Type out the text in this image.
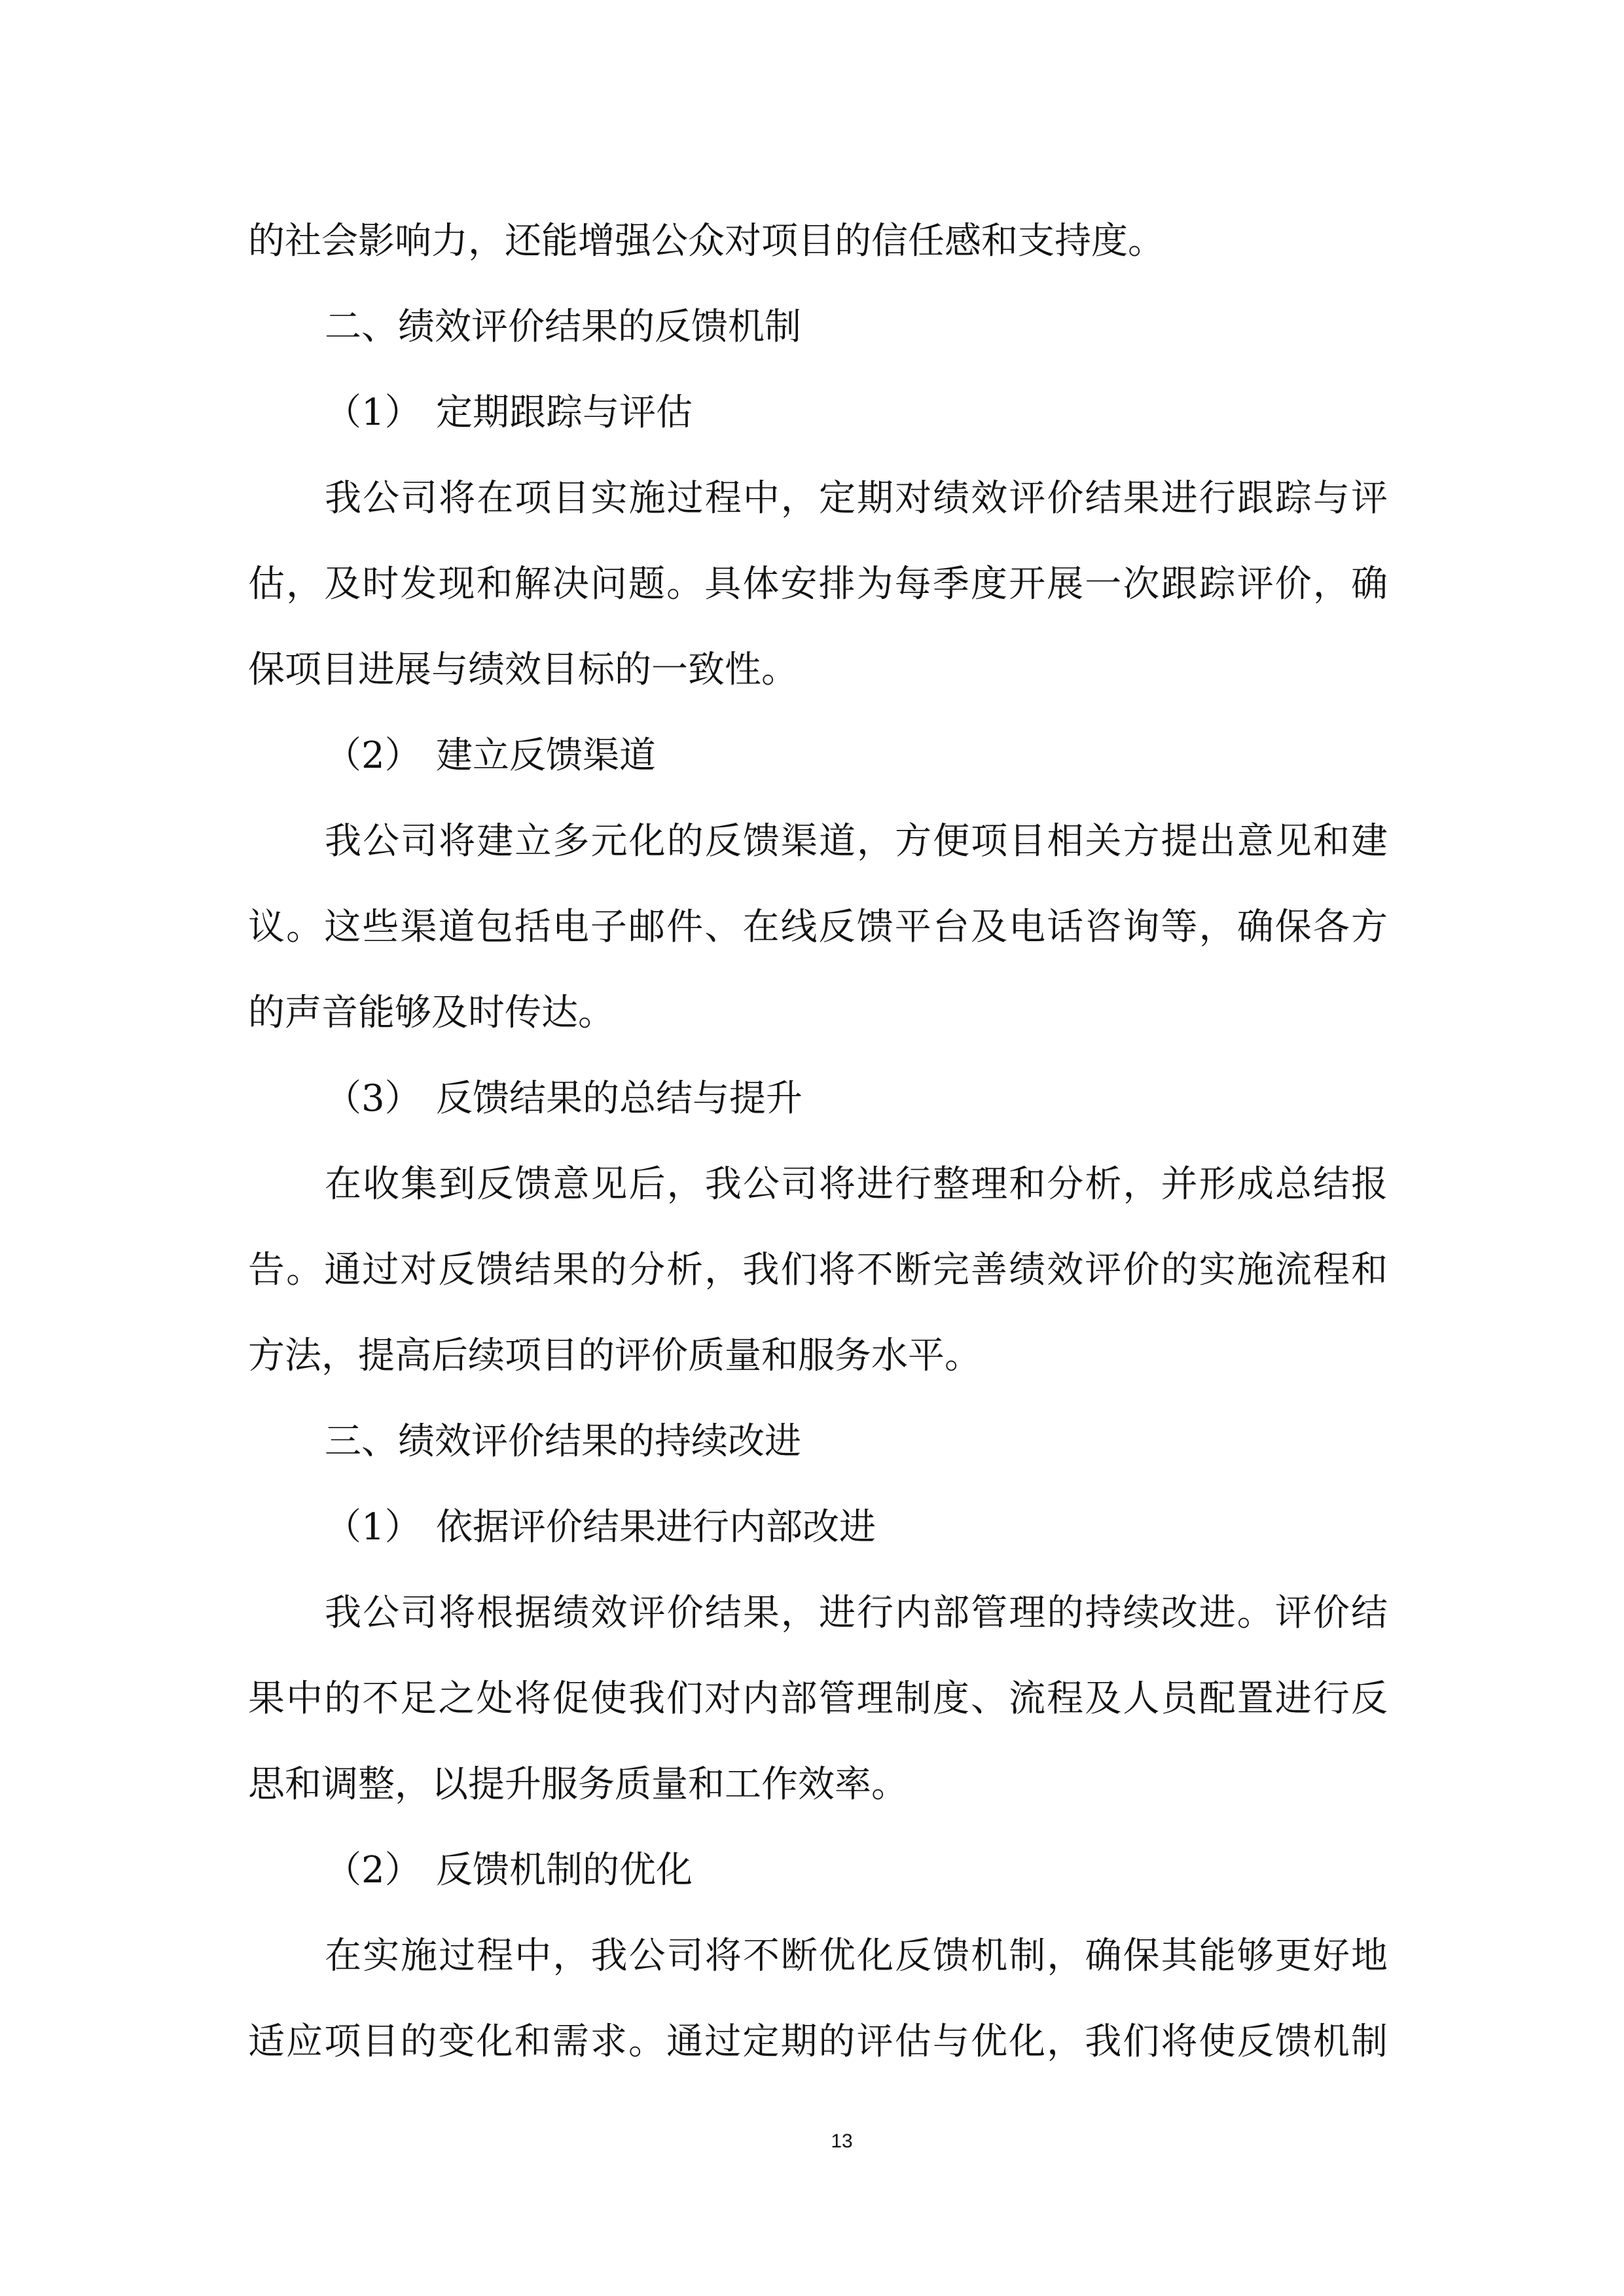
的社会影响力，还能增强公众对项目的信任感和支持度。
二、绩效评价结果的反馈机制
（1） 定期跟踪与评估
我公司将在项目实施过程中，定期对绩效评价结果进行跟踪与评
估，及时发现和解决问题。具体安排为每季度开展一次跟踪评价，确
保项目进展与绩效目标的一致性。
（2） 建立反馈渠道
我公司将建立多元化的反馈渠道，方便项目相关方提出意见和建
议。这些渠道包括电子邮件、在线反馈平台及电话咨询等，确保各方
的声音能够及时传达。
（3） 反馈结果的总结与提升
在收集到反馈意见后，我公司将进行整理和分析，并形成总结报
告。通过对反馈结果的分析，我们将不断完善绩效评价的实施流程和
方法，提高后续项目的评价质量和服务水平。
三、绩效评价结果的持续改进
（1） 依据评价结果进行内部改进
我公司将根据绩效评价结果，进行内部管理的持续改进。评价结
果中的不足之处将促使我们对内部管理制度、流程及人员配置进行反
思和调整，以提升服务质量和工作效率。
（2） 反馈机制的优化
在实施过程中，我公司将不断优化反馈机制，确保其能够更好地
适应项目的变化和需求。通过定期的评估与优化，我们将使反馈机制
13
